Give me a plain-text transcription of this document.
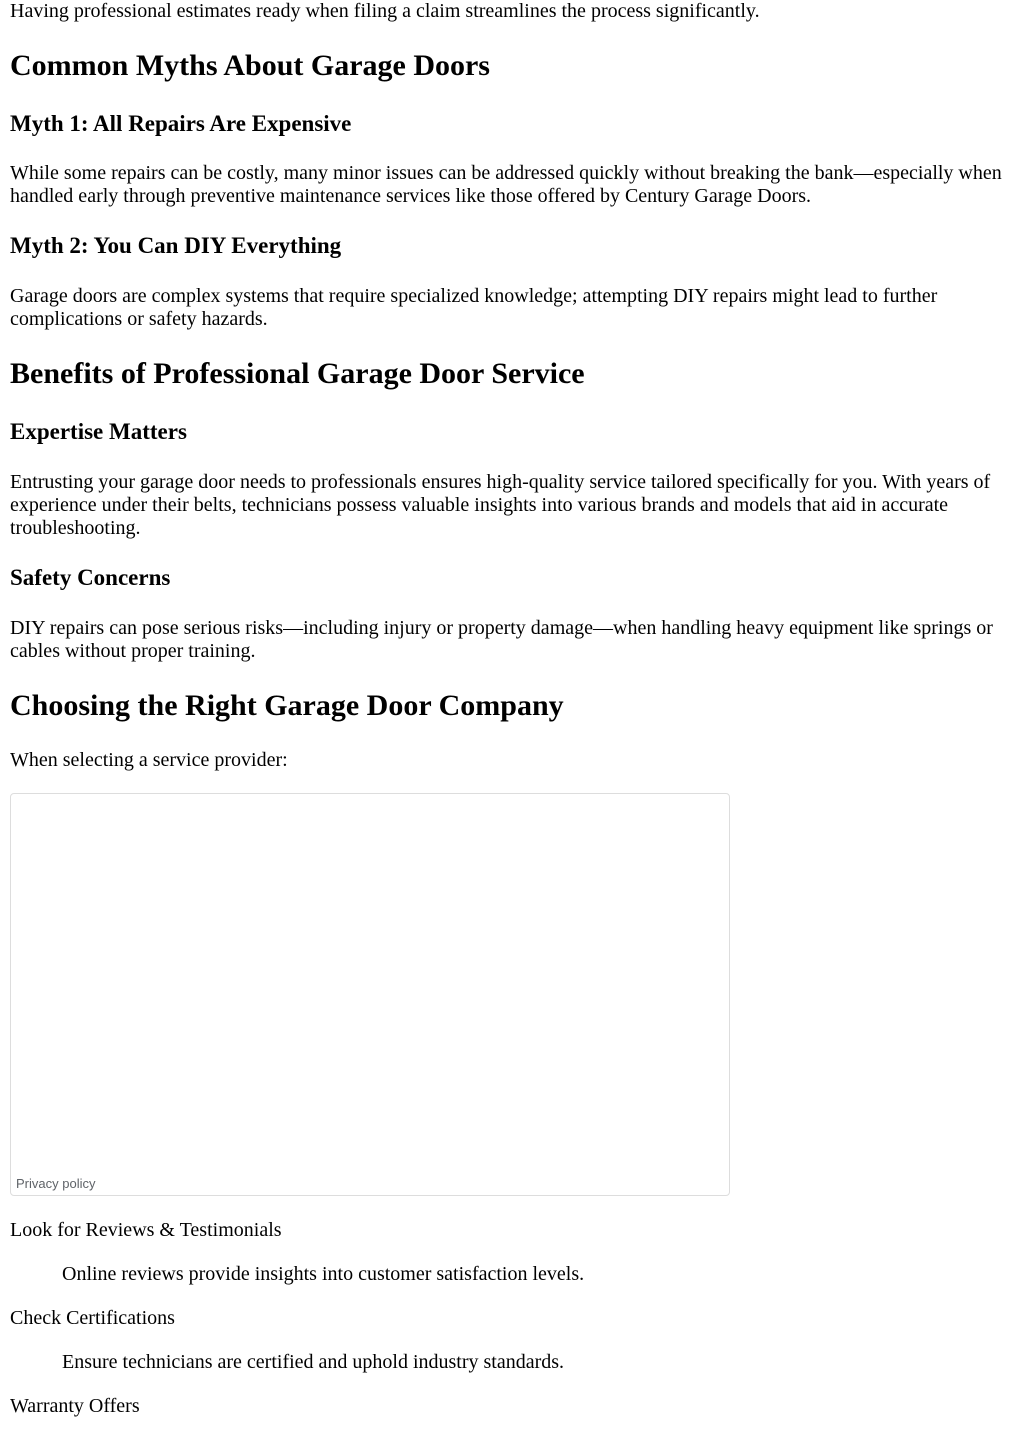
Having professional estimates ready when filing a claim streamlines the process significantly.

Common Myths About Garage Doors
Myth 1: All Repairs Are Expensive

While some repairs can be costly, many minor issues can be addressed quickly without breaking the bank—especially when handled early through preventive maintenance services like those offered by Century Garage Doors.

Myth 2: You Can DIY Everything

Garage doors are complex systems that require specialized knowledge; attempting DIY repairs might lead to further complications or safety hazards.

Benefits of Professional Garage Door Service
Expertise Matters

Entrusting your garage door needs to professionals ensures high-quality service tailored specifically for you. With years of experience under their belts, technicians possess valuable insights into various brands and models that aid in accurate troubleshooting.

Safety Concerns

DIY repairs can pose serious risks—including injury or property damage—when handling heavy equipment like springs or cables without proper training.

Choosing the Right Garage Door Company

When selecting a service provider:

Privacy policy
Look for Reviews & Testimonials
Online reviews provide insights into customer satisfaction levels.
Check Certifications
Ensure technicians are certified and uphold industry standards.
Warranty Offers
